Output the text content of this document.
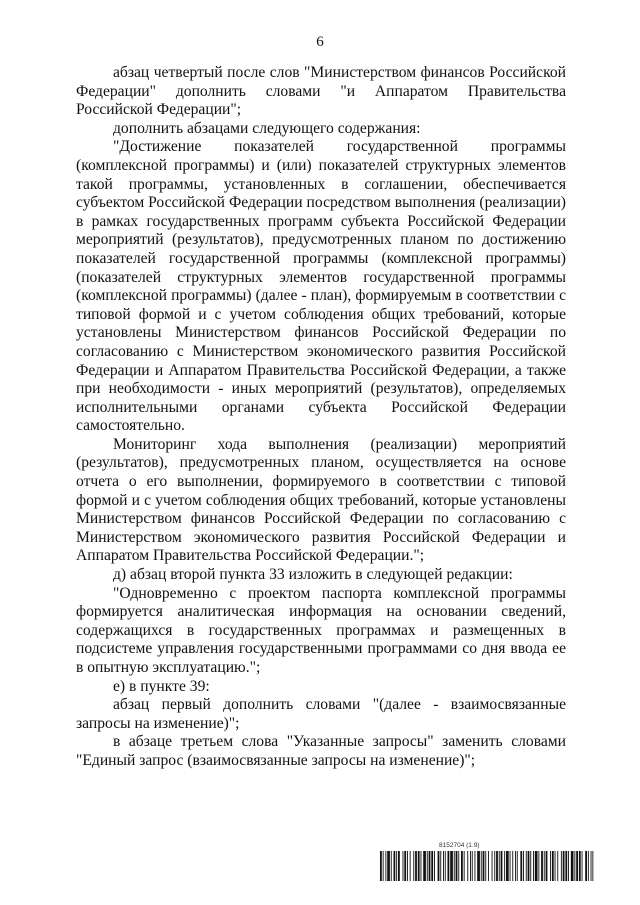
6

абзац четвертый после слов "Министерством финансов Российской Федерации" дополнить словами "и Аппаратом Правительства Российской Федерации";

дополнить абзацами следующего содержания:

"Достижение показателей государственной программы (комплексной программы) и (или) показателей структурных элементов такой программы, установленных в соглашении, обеспечивается субъектом Российской Федерации посредством выполнения (реализации) в рамках государственных программ субъекта Российской Федерации мероприятий (результатов), предусмотренных планом по достижению показателей государственной программы (комплексной программы) (показателей структурных элементов государственной программы (комплексной программы) (далее - план), формируемым в соответствии с типовой формой и с учетом соблюдения общих требований, которые установлены Министерством финансов Российской Федерации по согласованию с Министерством экономического развития Российской Федерации и Аппаратом Правительства Российской Федерации, а также при необходимости - иных мероприятий (результатов), определяемых исполнительными органами субъекта Российской Федерации самостоятельно.

Мониторинг хода выполнения (реализации) мероприятий (результатов), предусмотренных планом, осуществляется на основе отчета о его выполнении, формируемого в соответствии с типовой формой и с учетом соблюдения общих требований, которые установлены Министерством финансов Российской Федерации по согласованию с Министерством экономического развития Российской Федерации и Аппаратом Правительства Российской Федерации.";

д) абзац второй пункта 33 изложить в следующей редакции:

"Одновременно с проектом паспорта комплексной программы формируется аналитическая информация на основании сведений, содержащихся в государственных программах и размещенных в подсистеме управления государственными программами со дня ввода ее в опытную эксплуатацию.";

е) в пункте 39:

абзац первый дополнить словами "(далее - взаимосвязанные запросы на изменение)";

в абзаце третьем слова "Указанные запросы" заменить словами "Единый запрос (взаимосвязанные запросы на изменение)";

8152704 (1.9)
